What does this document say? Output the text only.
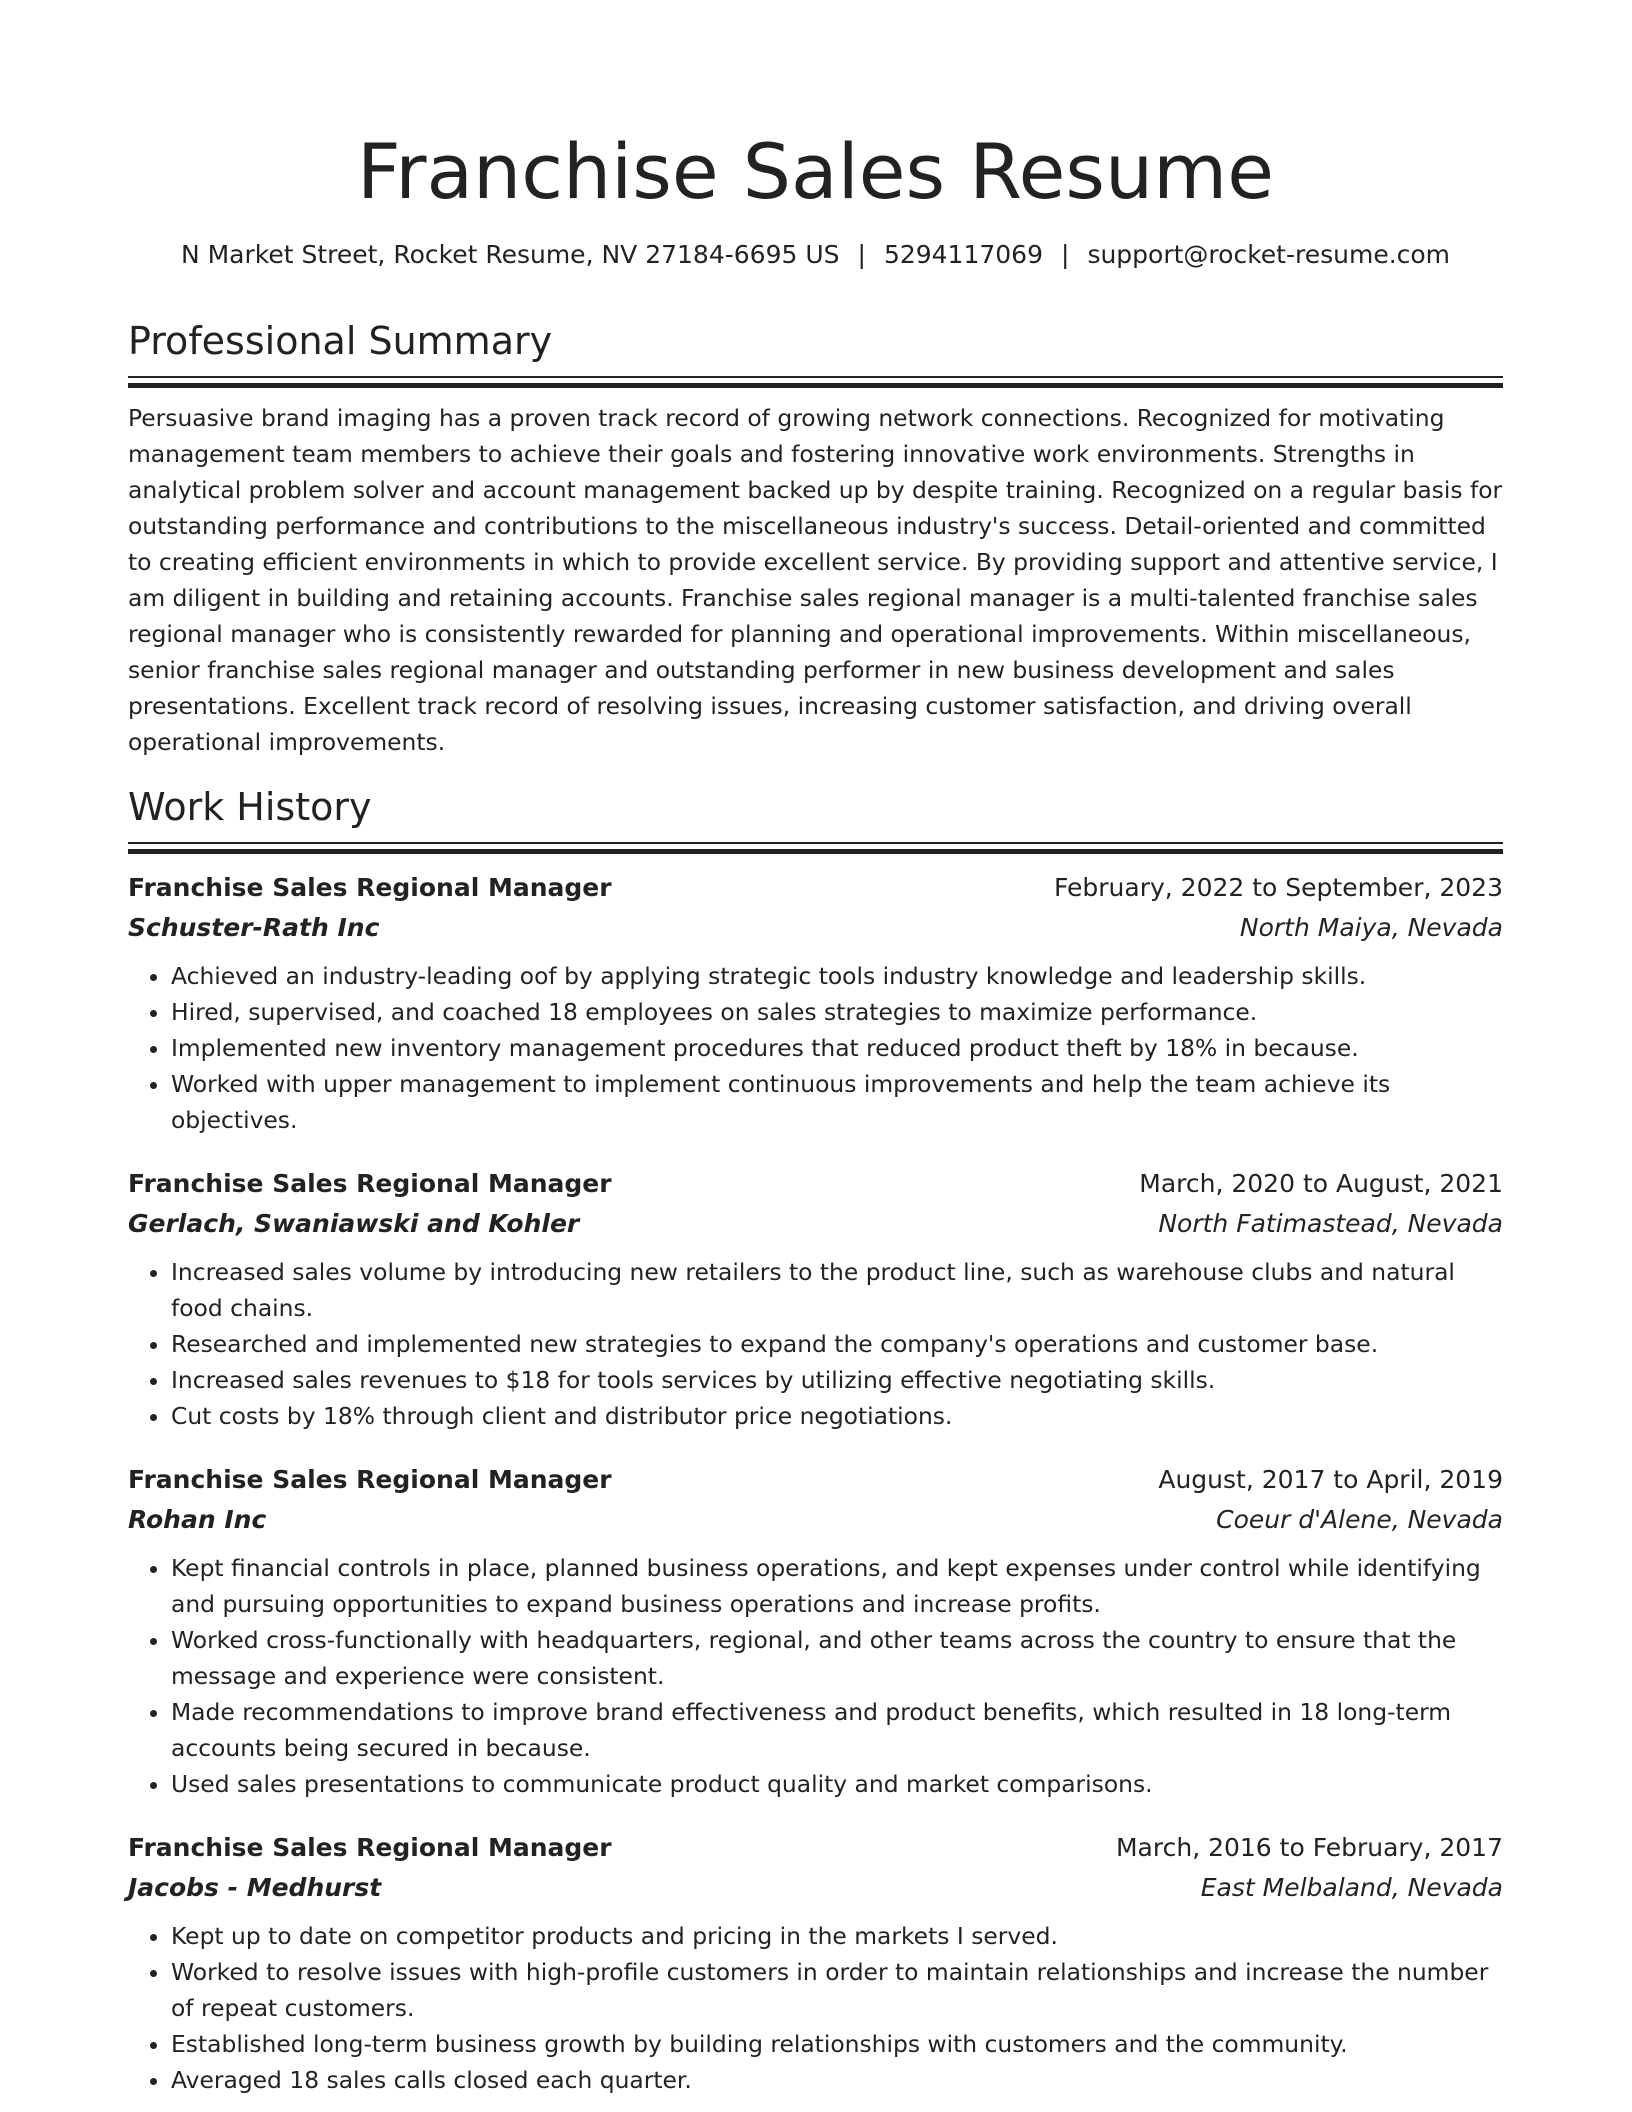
Franchise Sales Resume
N Market Street, Rocket Resume, NV 27184-6695 US | 5294117069 | support@rocket-resume.com
Professional Summary

Persuasive brand imaging has a proven track record of growing network connections. Recognized for motivating management team members to achieve their goals and fostering innovative work environments. Strengths in analytical problem solver and account management backed up by despite training. Recognized on a regular basis for outstanding performance and contributions to the miscellaneous industry's success. Detail-oriented and committed to creating efficient environments in which to provide excellent service. By providing support and attentive service, I am diligent in building and retaining accounts. Franchise sales regional manager is a multi-talented franchise sales regional manager who is consistently rewarded for planning and operational improvements. Within miscellaneous, senior franchise sales regional manager and outstanding performer in new business development and sales presentations. Excellent track record of resolving issues, increasing customer satisfaction, and driving overall operational improvements.

Work History
Franchise Sales Regional Manager	February, 2022 to September, 2023
Schuster-Rath Inc	North Maiya, Nevada
• Achieved an industry-leading oof by applying strategic tools industry knowledge and leadership skills.
• Hired, supervised, and coached 18 employees on sales strategies to maximize performance.
• Implemented new inventory management procedures that reduced product theft by 18% in because.
• Worked with upper management to implement continuous improvements and help the team achieve its objectives.
Franchise Sales Regional Manager	March, 2020 to August, 2021
Gerlach, Swaniawski and Kohler	North Fatimastead, Nevada
• Increased sales volume by introducing new retailers to the product line, such as warehouse clubs and natural food chains.
• Researched and implemented new strategies to expand the company's operations and customer base.
• Increased sales revenues to $18 for tools services by utilizing effective negotiating skills.
• Cut costs by 18% through client and distributor price negotiations.
Franchise Sales Regional Manager	August, 2017 to April, 2019
Rohan Inc	Coeur d'Alene, Nevada
• Kept financial controls in place, planned business operations, and kept expenses under control while identifying and pursuing opportunities to expand business operations and increase profits.
• Worked cross-functionally with headquarters, regional, and other teams across the country to ensure that the message and experience were consistent.
• Made recommendations to improve brand effectiveness and product benefits, which resulted in 18 long-term accounts being secured in because.
• Used sales presentations to communicate product quality and market comparisons.
Franchise Sales Regional Manager	March, 2016 to February, 2017
Jacobs - Medhurst	East Melbaland, Nevada
• Kept up to date on competitor products and pricing in the markets I served.
• Worked to resolve issues with high-profile customers in order to maintain relationships and increase the number of repeat customers.
• Established long-term business growth by building relationships with customers and the community.
• Averaged 18 sales calls closed each quarter.
